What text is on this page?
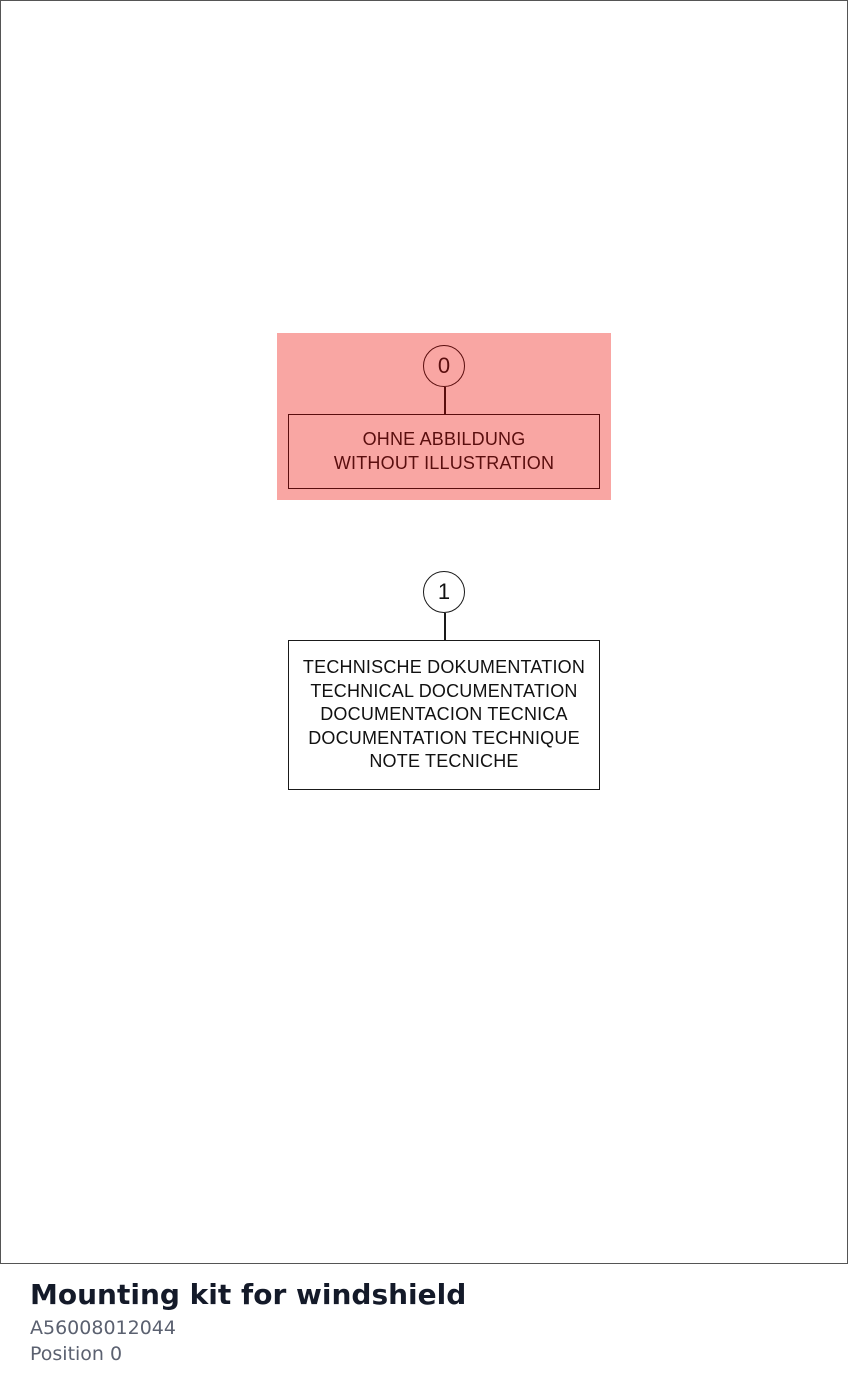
0
OHNE ABBILDUNG
WITHOUT ILLUSTRATION
1
TECHNISCHE DOKUMENTATION
TECHNICAL DOCUMENTATION
DOCUMENTACION TECNICA
DOCUMENTATION TECHNIQUE
NOTE TECNICHE
Mounting kit for windshield
A56008012044
Position 0
